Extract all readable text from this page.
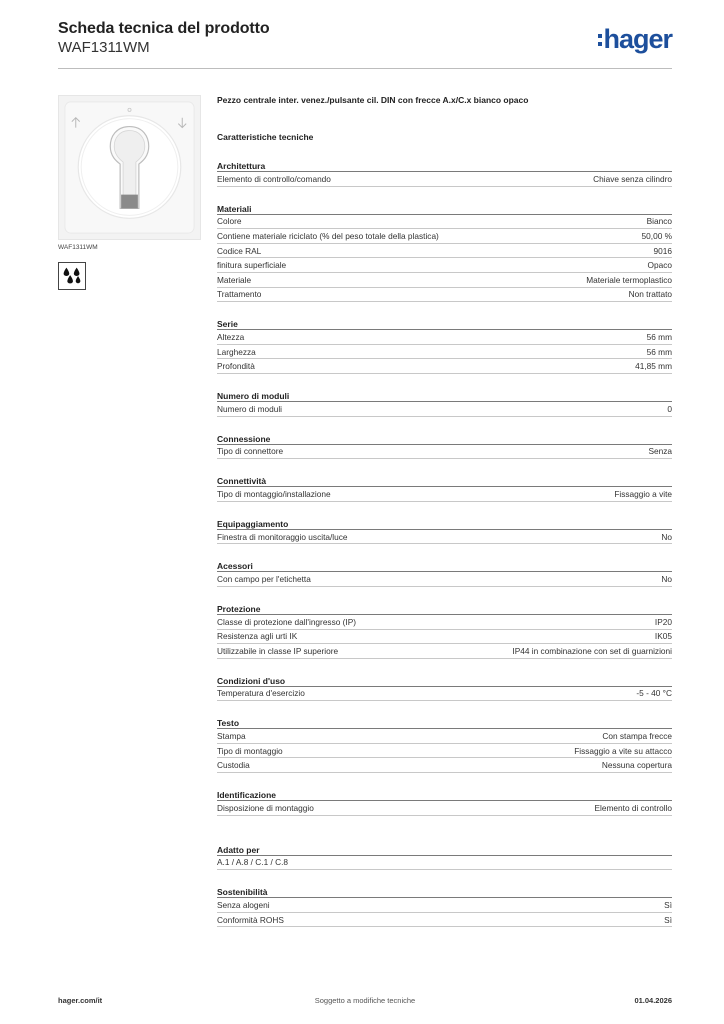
Scheda tecnica del prodotto
WAF1311WM	hager
WAF1311WM
Pezzo centrale inter. venez./pulsante cil. DIN con frecce A.x/C.x bianco opaco
Caratteristiche tecniche
Architettura
Elemento di controllo/comando	Chiave senza cilindro
Materiali
Colore	Bianco
Contiene materiale riciclato (% del peso totale della plastica)	50,00 %
Codice RAL	9016
finitura superficiale	Opaco
Materiale	Materiale termoplastico
Trattamento	Non trattato
Serie
Altezza	56 mm
Larghezza	56 mm
Profondità	41,85 mm
Numero di moduli
Numero di moduli	0
Connessione
Tipo di connettore	Senza
Connettività
Tipo di montaggio/installazione	Fissaggio a vite
Equipaggiamento
Finestra di monitoraggio uscita/luce	No
Acessori
Con campo per l'etichetta	No
Protezione
Classe di protezione dall'ingresso (IP)	IP20
Resistenza agli urti IK	IK05
Utilizzabile in classe IP superiore	IP44 in combinazione con set di guarnizioni
Condizioni d'uso
Temperatura d'esercizio	-5 - 40 °C
Testo
Stampa	Con stampa frecce
Tipo di montaggio	Fissaggio a vite su attacco
Custodia	Nessuna copertura
Identificazione
Disposizione di montaggio	Elemento di controllo
Adatto per
A.1 / A.8 / C.1 / C.8
Sostenibilità
Senza alogeni	Sì
Conformità ROHS	Sì
hager.com/it	Soggetto a modifiche tecniche	01.04.2026
